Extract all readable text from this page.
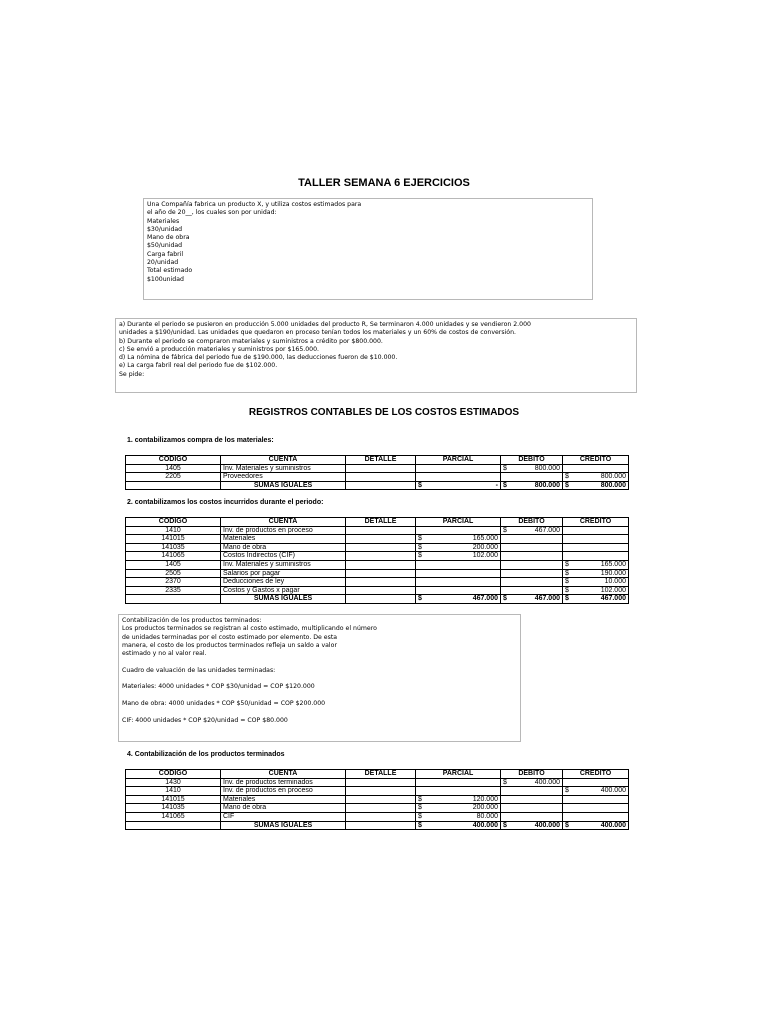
TALLER SEMANA 6 EJERCICIOS
Una Compañía fabrica un producto X, y utiliza costos estimados para
el año de 20__, los cuales son por unidad:
Materiales
$30/unidad
Mano de obra
$50/unidad
Carga fabril
20/unidad
Total estimado
$100unidad
a) Durante el periodo se pusieron en producción 5.000 unidades del producto R, Se terminaron 4.000 unidades y se vendieron 2.000
unidades a $190/unidad. Las unidades que quedaron en proceso tenían todos los materiales y un 60% de costos de conversión.
b) Durante el periodo se compraron materiales y suministros a crédito por $800.000.
c) Se envió a producción materiales y suministros por $165.000.
d) La nómina de fábrica del periodo fue de $190.000, las deducciones fueron de $10.000.
e) La carga fabril real del periodo fue de $102.000.
Se pide:
REGISTROS CONTABLES DE LOS COSTOS ESTIMADOS
1. contabilizamos compra de los materiales:
CODIGO	CUENTA	DETALLE	PARCIAL	DÉBITO	CRÉDITO
1405	Inv. Materiales y suministros			$ 800.000	

2205	Proveedores				$ 800.000

	SUMAS IGUALES		$ -	$ 800.000	$ 800.000
2. contabilizamos los costos incurridos durante el periodo:
CODIGO	CUENTA	DETALLE	PARCIAL	DÉBITO	CRÉDITO
1410	Inv. de productos en proceso			$ 467.000	

141015	Materiales		$ 165.000		

141035	Mano de obra		$ 200.000		

141065	Costos Indirectos (CIF)		$ 102.000		

1405	Inv. Materiales y suministros				$ 165.000

2505	Salarios por pagar				$ 190.000

2370	Deducciones de ley				$ 10.000

2335	Costos y Gastos x pagar				$ 102.000

	SUMAS IGUALES		$ 467.000	$ 467.000	$ 467.000
Contabilización de los productos terminados:
Los productos terminados se registran al costo estimado, multiplicando el número
de unidades terminadas por el costo estimado por elemento. De esta
manera, el costo de los productos terminados refleja un saldo a valor
estimado y no al valor real.

Cuadro de valuación de las unidades terminadas:

Materiales: 4000 unidades * COP $30/unidad = COP $120.000

Mano de obra: 4000 unidades * COP $50/unidad = COP $200.000

CIF: 4000 unidades * COP $20/unidad = COP $80.000
4. Contabilización de los productos terminados
CODIGO	CUENTA	DETALLE	PARCIAL	DÉBITO	CRÉDITO
1430	Inv. de productos terminados			$ 400.000	

1410	Inv. de productos en proceso				$ 400.000

141015	Materiales		$ 120.000		

141035	Mano de obra		$ 200.000		

141065	CIF		$ 80.000		

	SUMAS IGUALES		$ 400.000	$ 400.000	$ 400.000
